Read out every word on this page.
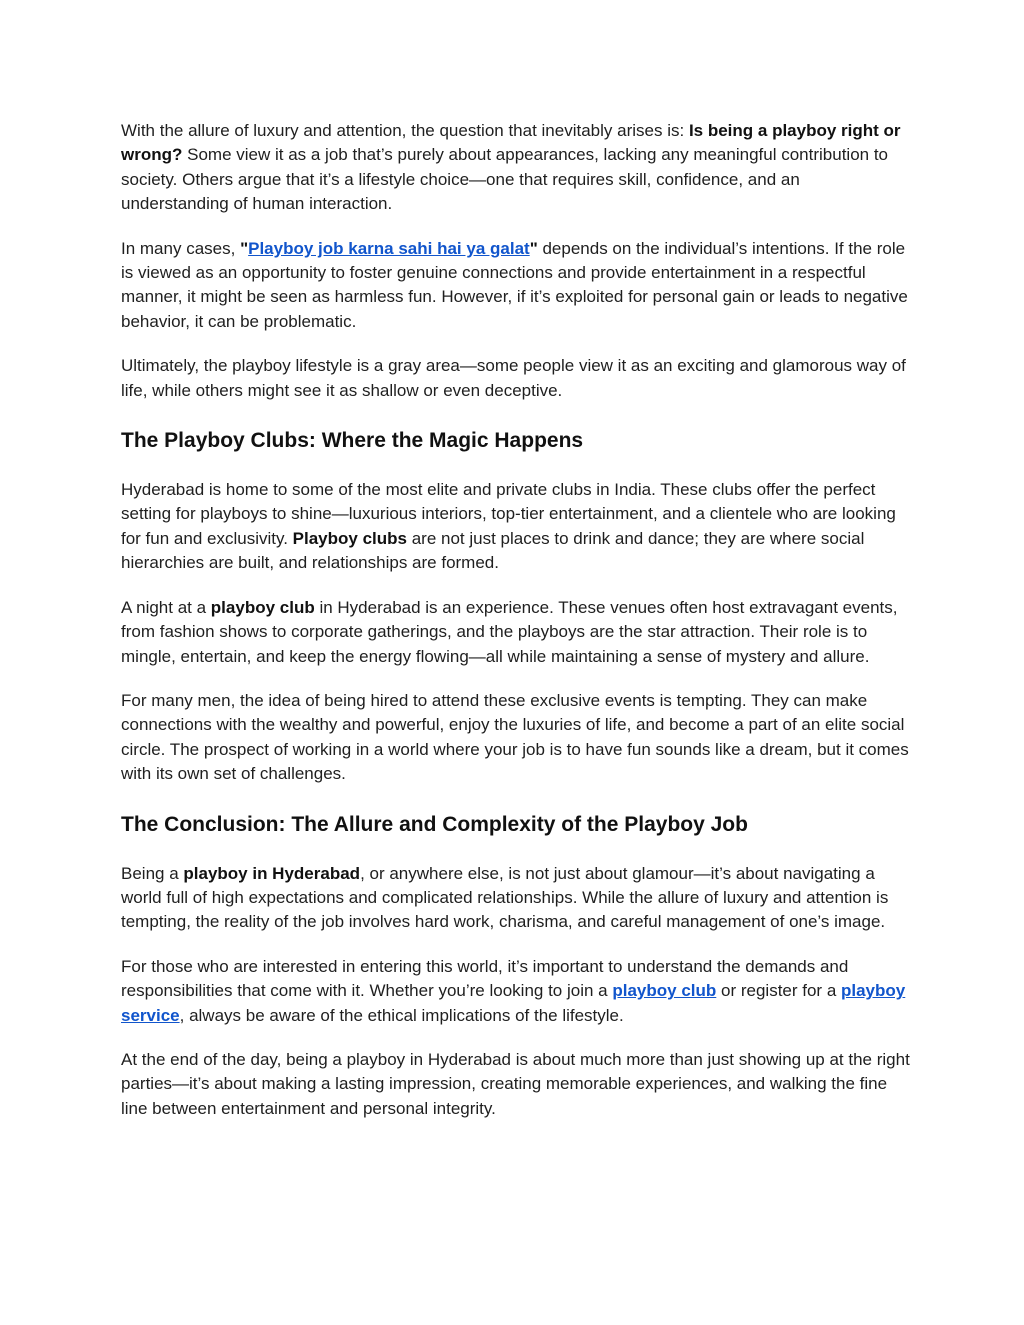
With the allure of luxury and attention, the question that inevitably arises is: Is being a playboy right or wrong? Some view it as a job that’s purely about appearances, lacking any meaningful contribution to society. Others argue that it’s a lifestyle choice—one that requires skill, confidence, and an understanding of human interaction.

In many cases, "Playboy job karna sahi hai ya galat" depends on the individual’s intentions. If the role is viewed as an opportunity to foster genuine connections and provide entertainment in a respectful manner, it might be seen as harmless fun. However, if it’s exploited for personal gain or leads to negative behavior, it can be problematic.

Ultimately, the playboy lifestyle is a gray area—some people view it as an exciting and glamorous way of life, while others might see it as shallow or even deceptive.

The Playboy Clubs: Where the Magic Happens

Hyderabad is home to some of the most elite and private clubs in India. These clubs offer the perfect setting for playboys to shine—luxurious interiors, top-tier entertainment, and a clientele who are looking for fun and exclusivity. Playboy clubs are not just places to drink and dance; they are where social hierarchies are built, and relationships are formed.

A night at a playboy club in Hyderabad is an experience. These venues often host extravagant events, from fashion shows to corporate gatherings, and the playboys are the star attraction. Their role is to mingle, entertain, and keep the energy flowing—all while maintaining a sense of mystery and allure.

For many men, the idea of being hired to attend these exclusive events is tempting. They can make connections with the wealthy and powerful, enjoy the luxuries of life, and become a part of an elite social circle. The prospect of working in a world where your job is to have fun sounds like a dream, but it comes with its own set of challenges.

The Conclusion: The Allure and Complexity of the Playboy Job

Being a playboy in Hyderabad, or anywhere else, is not just about glamour—it’s about navigating a world full of high expectations and complicated relationships. While the allure of luxury and attention is tempting, the reality of the job involves hard work, charisma, and careful management of one’s image.

For those who are interested in entering this world, it’s important to understand the demands and responsibilities that come with it. Whether you’re looking to join a playboy club or register for a playboy service, always be aware of the ethical implications of the lifestyle.

At the end of the day, being a playboy in Hyderabad is about much more than just showing up at the right parties—it’s about making a lasting impression, creating memorable experiences, and walking the fine line between entertainment and personal integrity.
